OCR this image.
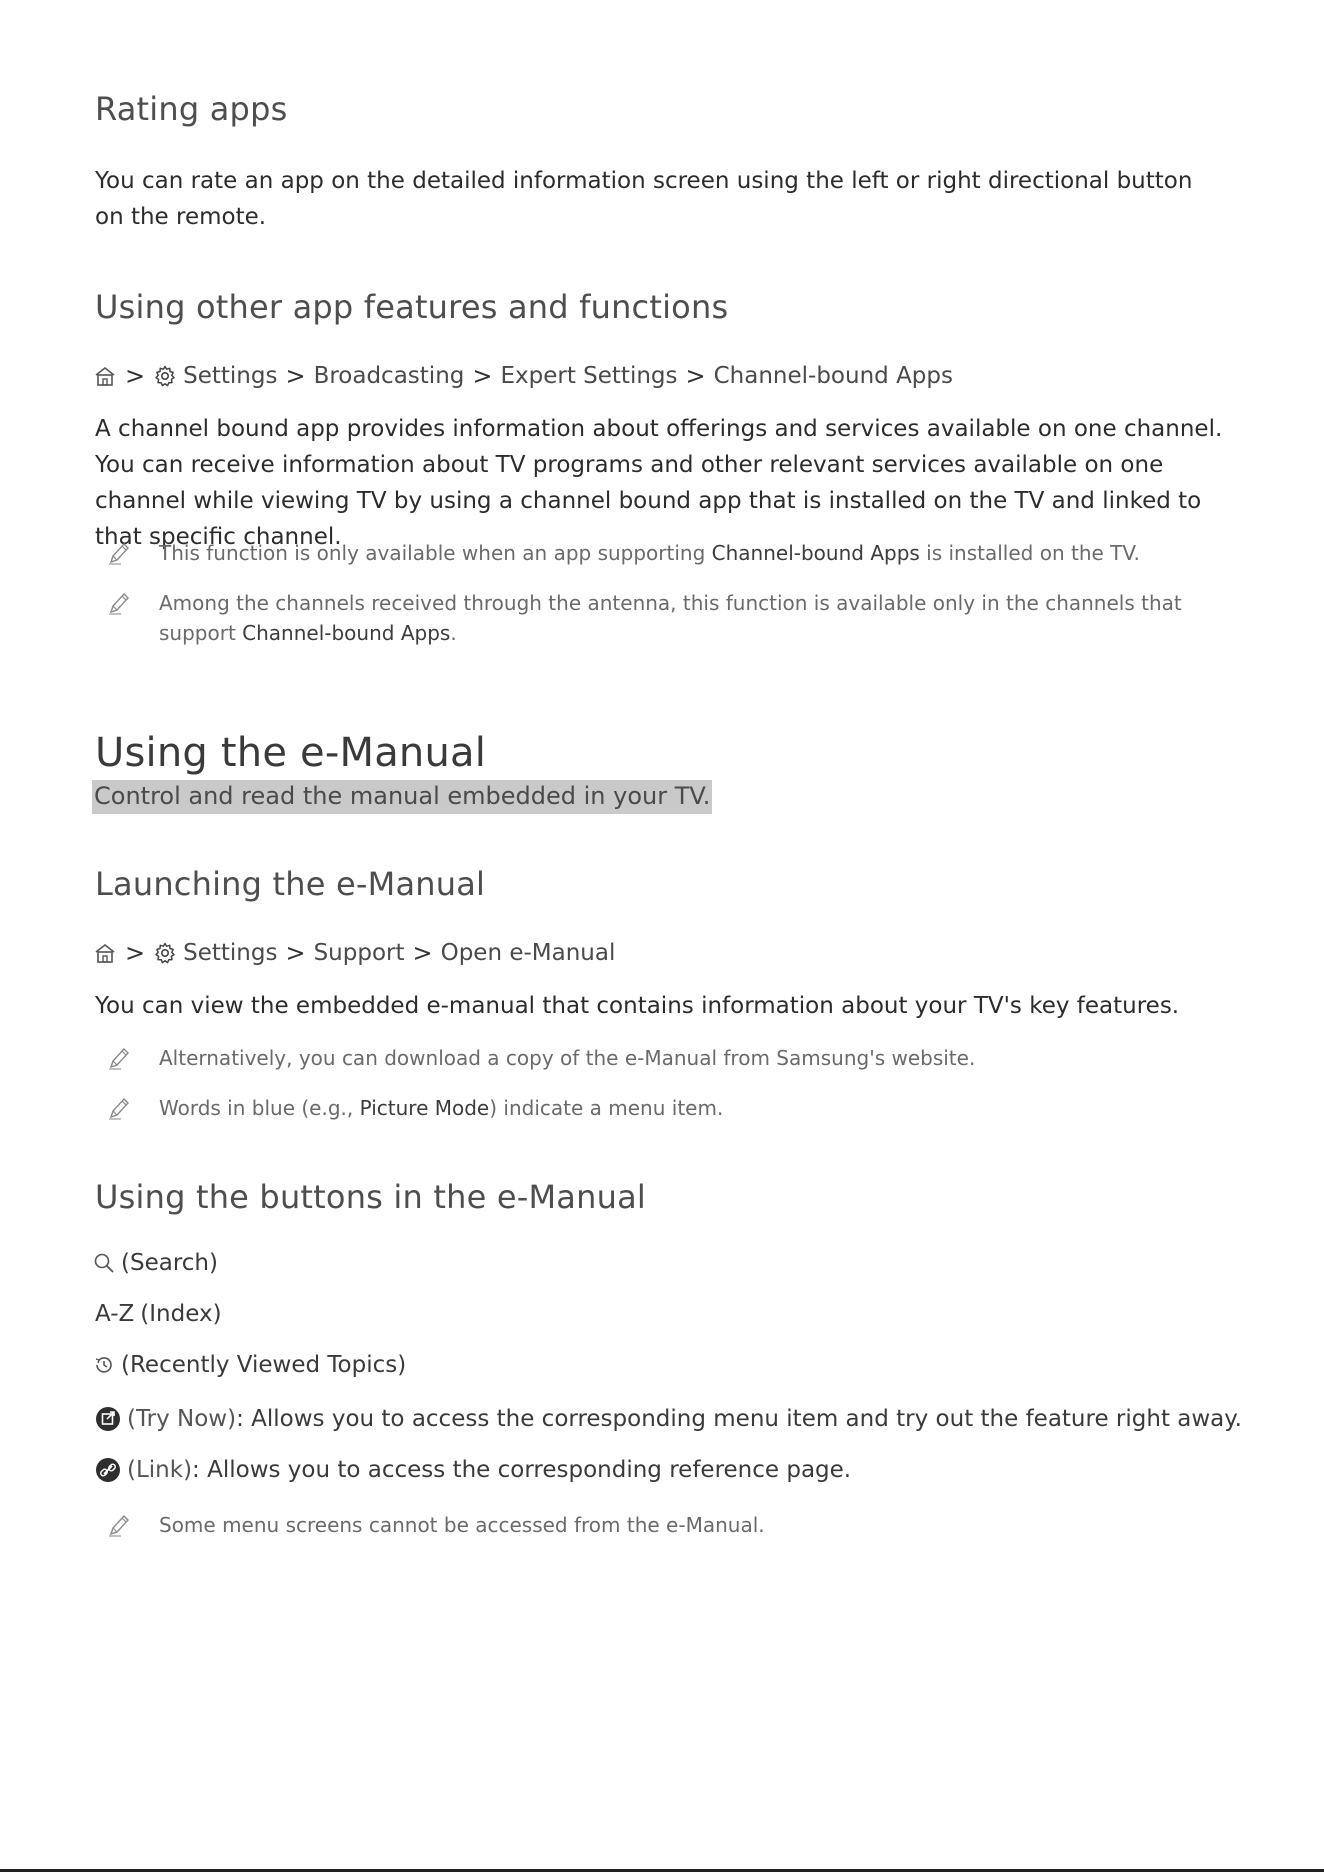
Rating apps

You can rate an app on the detailed information screen using the left or right directional button on the remote.

Using other app features and functions
> Settings > Broadcasting > Expert Settings > Channel-bound Apps

A channel bound app provides information about offerings and services available on one channel. You can receive information about TV programs and other relevant services available on one channel while viewing TV by using a channel bound app that is installed on the TV and linked to that specific channel.

This function is only available when an app supporting Channel-bound Apps is installed on the TV.
Among the channels received through the antenna, this function is available only in the channels that support Channel-bound Apps.
Using the e-Manual
Control and read the manual embedded in your TV.
Launching the e-Manual
> Settings > Support > Open e-Manual

You can view the embedded e-manual that contains information about your TV's key features.

Alternatively, you can download a copy of the e-Manual from Samsung's website.
Words in blue (e.g., Picture Mode) indicate a menu item.
Using the buttons in the e-Manual
(Search)
A-Z (Index)
(Recently Viewed Topics)
(Try Now) : Allows you to access the corresponding menu item and try out the feature right away.
(Link) : Allows you to access the corresponding reference page.
Some menu screens cannot be accessed from the e-Manual.
